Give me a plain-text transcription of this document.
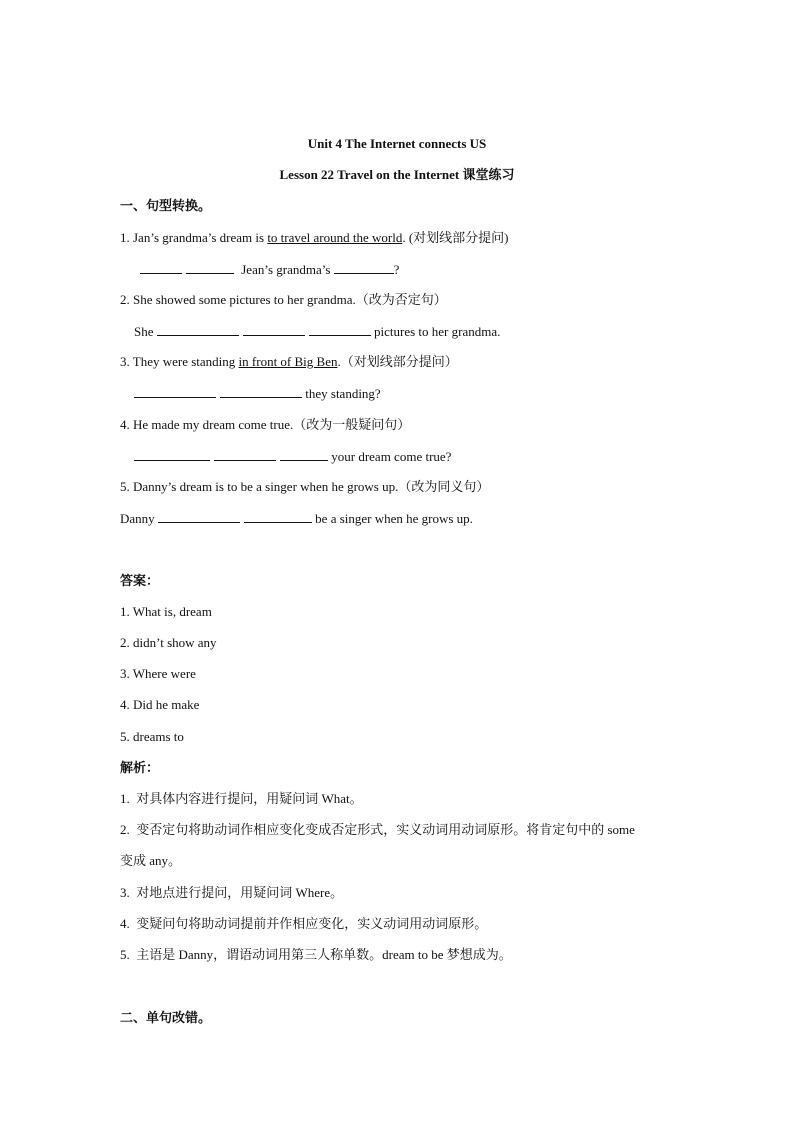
Unit 4 The Internet connects US
Lesson 22 Travel on the Internet 课堂练习
一、句型转换。
1. Jan’s grandma’s dream is to travel around the world. (对划线部分提问)
Jean’s grandma’s	?
2. She showed some pictures to her grandma.（改为否定句）
She	pictures to her grandma.
3. They were standing in front of Big Ben.（对划线部分提问）
they standing?
4. He made my dream come true.（改为一般疑问句）
your dream come true?
5. Danny’s dream is to be a singer when he grows up.（改为同义句）
Danny	be a singer when he grows up.
答案：
1. What is, dream
2. didn’t show any
3. Where were
4. Did he make
5. dreams to
解析：
1.  对具体内容进行提问，用疑问词 What。
2.  变否定句将助动词作相应变化变成否定形式，实义动词用动词原形。将肯定句中的 some
变成 any。
3.  对地点进行提问，用疑问词 Where。
4.  变疑问句将助动词提前并作相应变化，实义动词用动词原形。
5.  主语是 Danny，谓语动词用第三人称单数。dream to be 梦想成为。
二、单句改错。
